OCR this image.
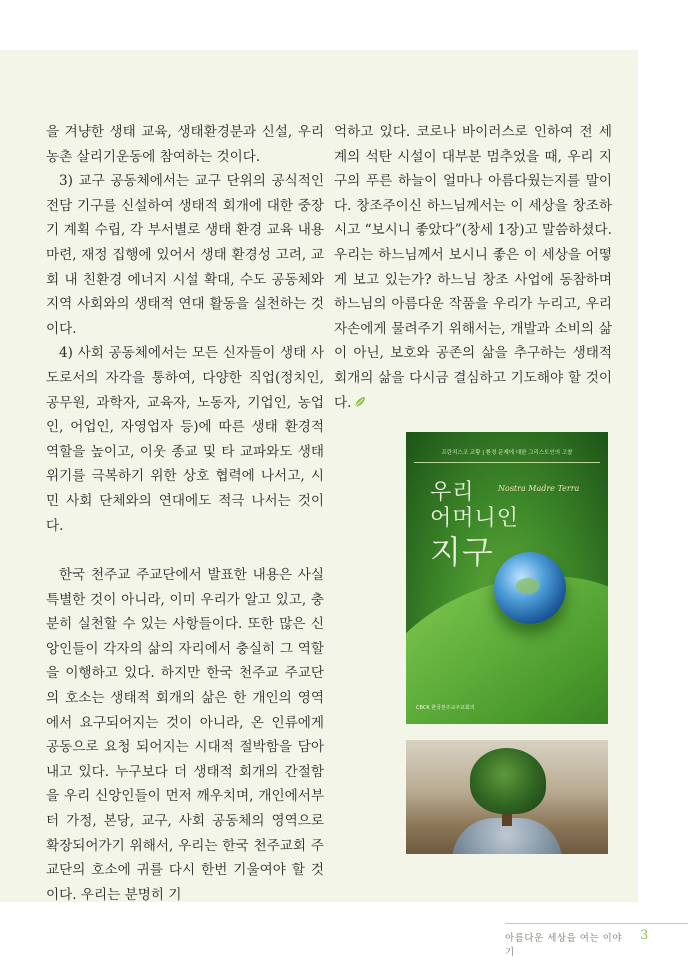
을 겨냥한 생태 교육, 생태환경분과 신설, 우리 농촌 살리기운동에 참여하는 것이다.

3) 교구 공동체에서는 교구 단위의 공식적인 전담 기구를 신설하여 생태적 회개에 대한 중장기 계획 수립, 각 부서별로 생태 환경 교육 내용 마련, 재정 집행에 있어서 생태 환경성 고려, 교회 내 친환경 에너지 시설 확대, 수도 공동체와 지역 사회와의 생태적 연대 활동을 실천하는 것이다.

4) 사회 공동체에서는 모든 신자들이 생태 사도로서의 자각을 통하여, 다양한 직업(정치인, 공무원, 과학자, 교육자, 노동자, 기업인, 농업인, 어업인, 자영업자 등)에 따른 생태 환경적 역할을 높이고, 이웃 종교 및 타 교파와도 생태 위기를 극복하기 위한 상호 협력에 나서고, 시민 사회 단체와의 연대에도 적극 나서는 것이다.

한국 천주교 주교단에서 발표한 내용은 사실 특별한 것이 아니라, 이미 우리가 알고 있고, 충분히 실천할 수 있는 사항들이다. 또한 많은 신앙인들이 각자의 삶의 자리에서 충실히 그 역할을 이행하고 있다. 하지만 한국 천주교 주교단의 호소는 생태적 회개의 삶은 한 개인의 영역에서 요구되어지는 것이 아니라, 온 인류에게 공동으로 요청 되어지는 시대적 절박함을 담아내고 있다. 누구보다 더 생태적 회개의 간절함을 우리 신앙인들이 먼저 깨우치며, 개인에서부터 가정, 본당, 교구, 사회 공동체의 영역으로 확장되어가기 위해서, 우리는 한국 천주교회 주교단의 호소에 귀를 다시 한번 기울여야 할 것이다. 우리는 분명히 기

억하고 있다. 코로나 바이러스로 인하여 전 세계의 석탄 시설이 대부분 멈추었을 때, 우리 지구의 푸른 하늘이 얼마나 아름다웠는지를 말이다. 창조주이신 하느님께서는 이 세상을 창조하시고 “보시니 좋았다”(창세 1장)고 말씀하셨다. 우리는 하느님께서 보시니 좋은 이 세상을 어떻게 보고 있는가? 하느님 창조 사업에 동참하며 하느님의 아름다운 작품을 우리가 누리고, 우리 자손에게 물려주기 위해서는, 개발과 소비의 삶이 아닌, 보호와 공존의 삶을 추구하는 생태적 회개의 삶을 다시금 결심하고 기도해야 할 것이다.

프란치스코 교황 | 환경 문제에 대한 그리스도인의 고찰
우리
어머니인
지구
Nostra Madre Terra
CBCK 한국천주교주교회의
아름다운 세상을 여는 이야기
3
